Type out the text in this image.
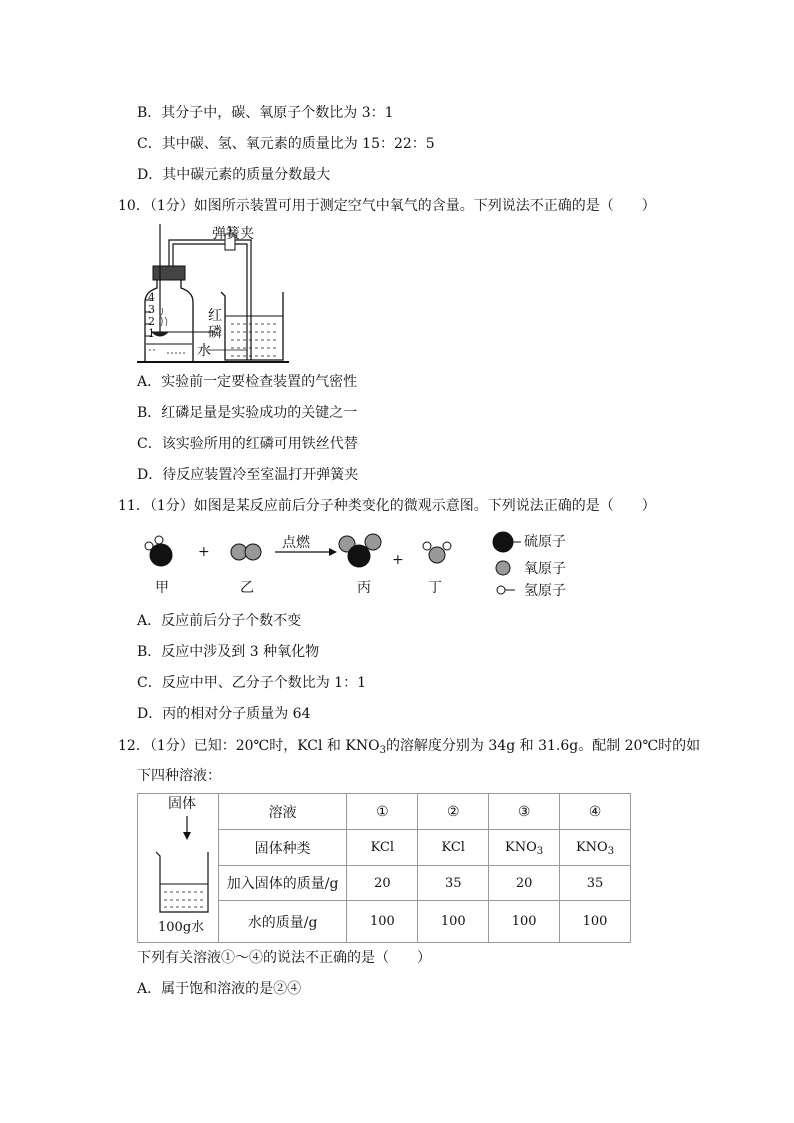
B．其分子中，碳、氧原子个数比为 3：1
C．其中碳、氢、氧元素的质量比为 15：22：5
D．其中碳元素的质量分数最大
10．（1分）如图所示装置可用于测定空气中氧气的含量。下列说法不正确的是（　　）
弹簧夹
红
磷
水
4
3
2
1
A．实验前一定要检查装置的气密性
B．红磷足量是实验成功的关键之一
C．该实验所用的红磷可用铁丝代替
D．待反应装置冷至室温打开弹簧夹
11．（1分）如图是某反应前后分子种类变化的微观示意图。下列说法正确的是（　　）
+	+
点燃
甲	乙	丙	丁
硫原子
氧原子
氢原子
A．反应前后分子个数不变
B．反应中涉及到 3 种氧化物
C．反应中甲、乙分子个数比为 1：1
D．丙的相对分子质量为 64
12．（1分）已知：20℃时，KCl 和 $KNO_3$的溶解度分别为 34g 和 31.6g。配制 20℃时的如
下四种溶液：
固体
100g水	溶液	①	②	③	④
	固体种类	KCl	KCl	$KNO_3$	$KNO_3$
	加入固体的质量/g	20	35	20	35
	水的质量/g	100	100	100	100
下列有关溶液①～④的说法不正确的是（　　）
A．属于饱和溶液的是②④
